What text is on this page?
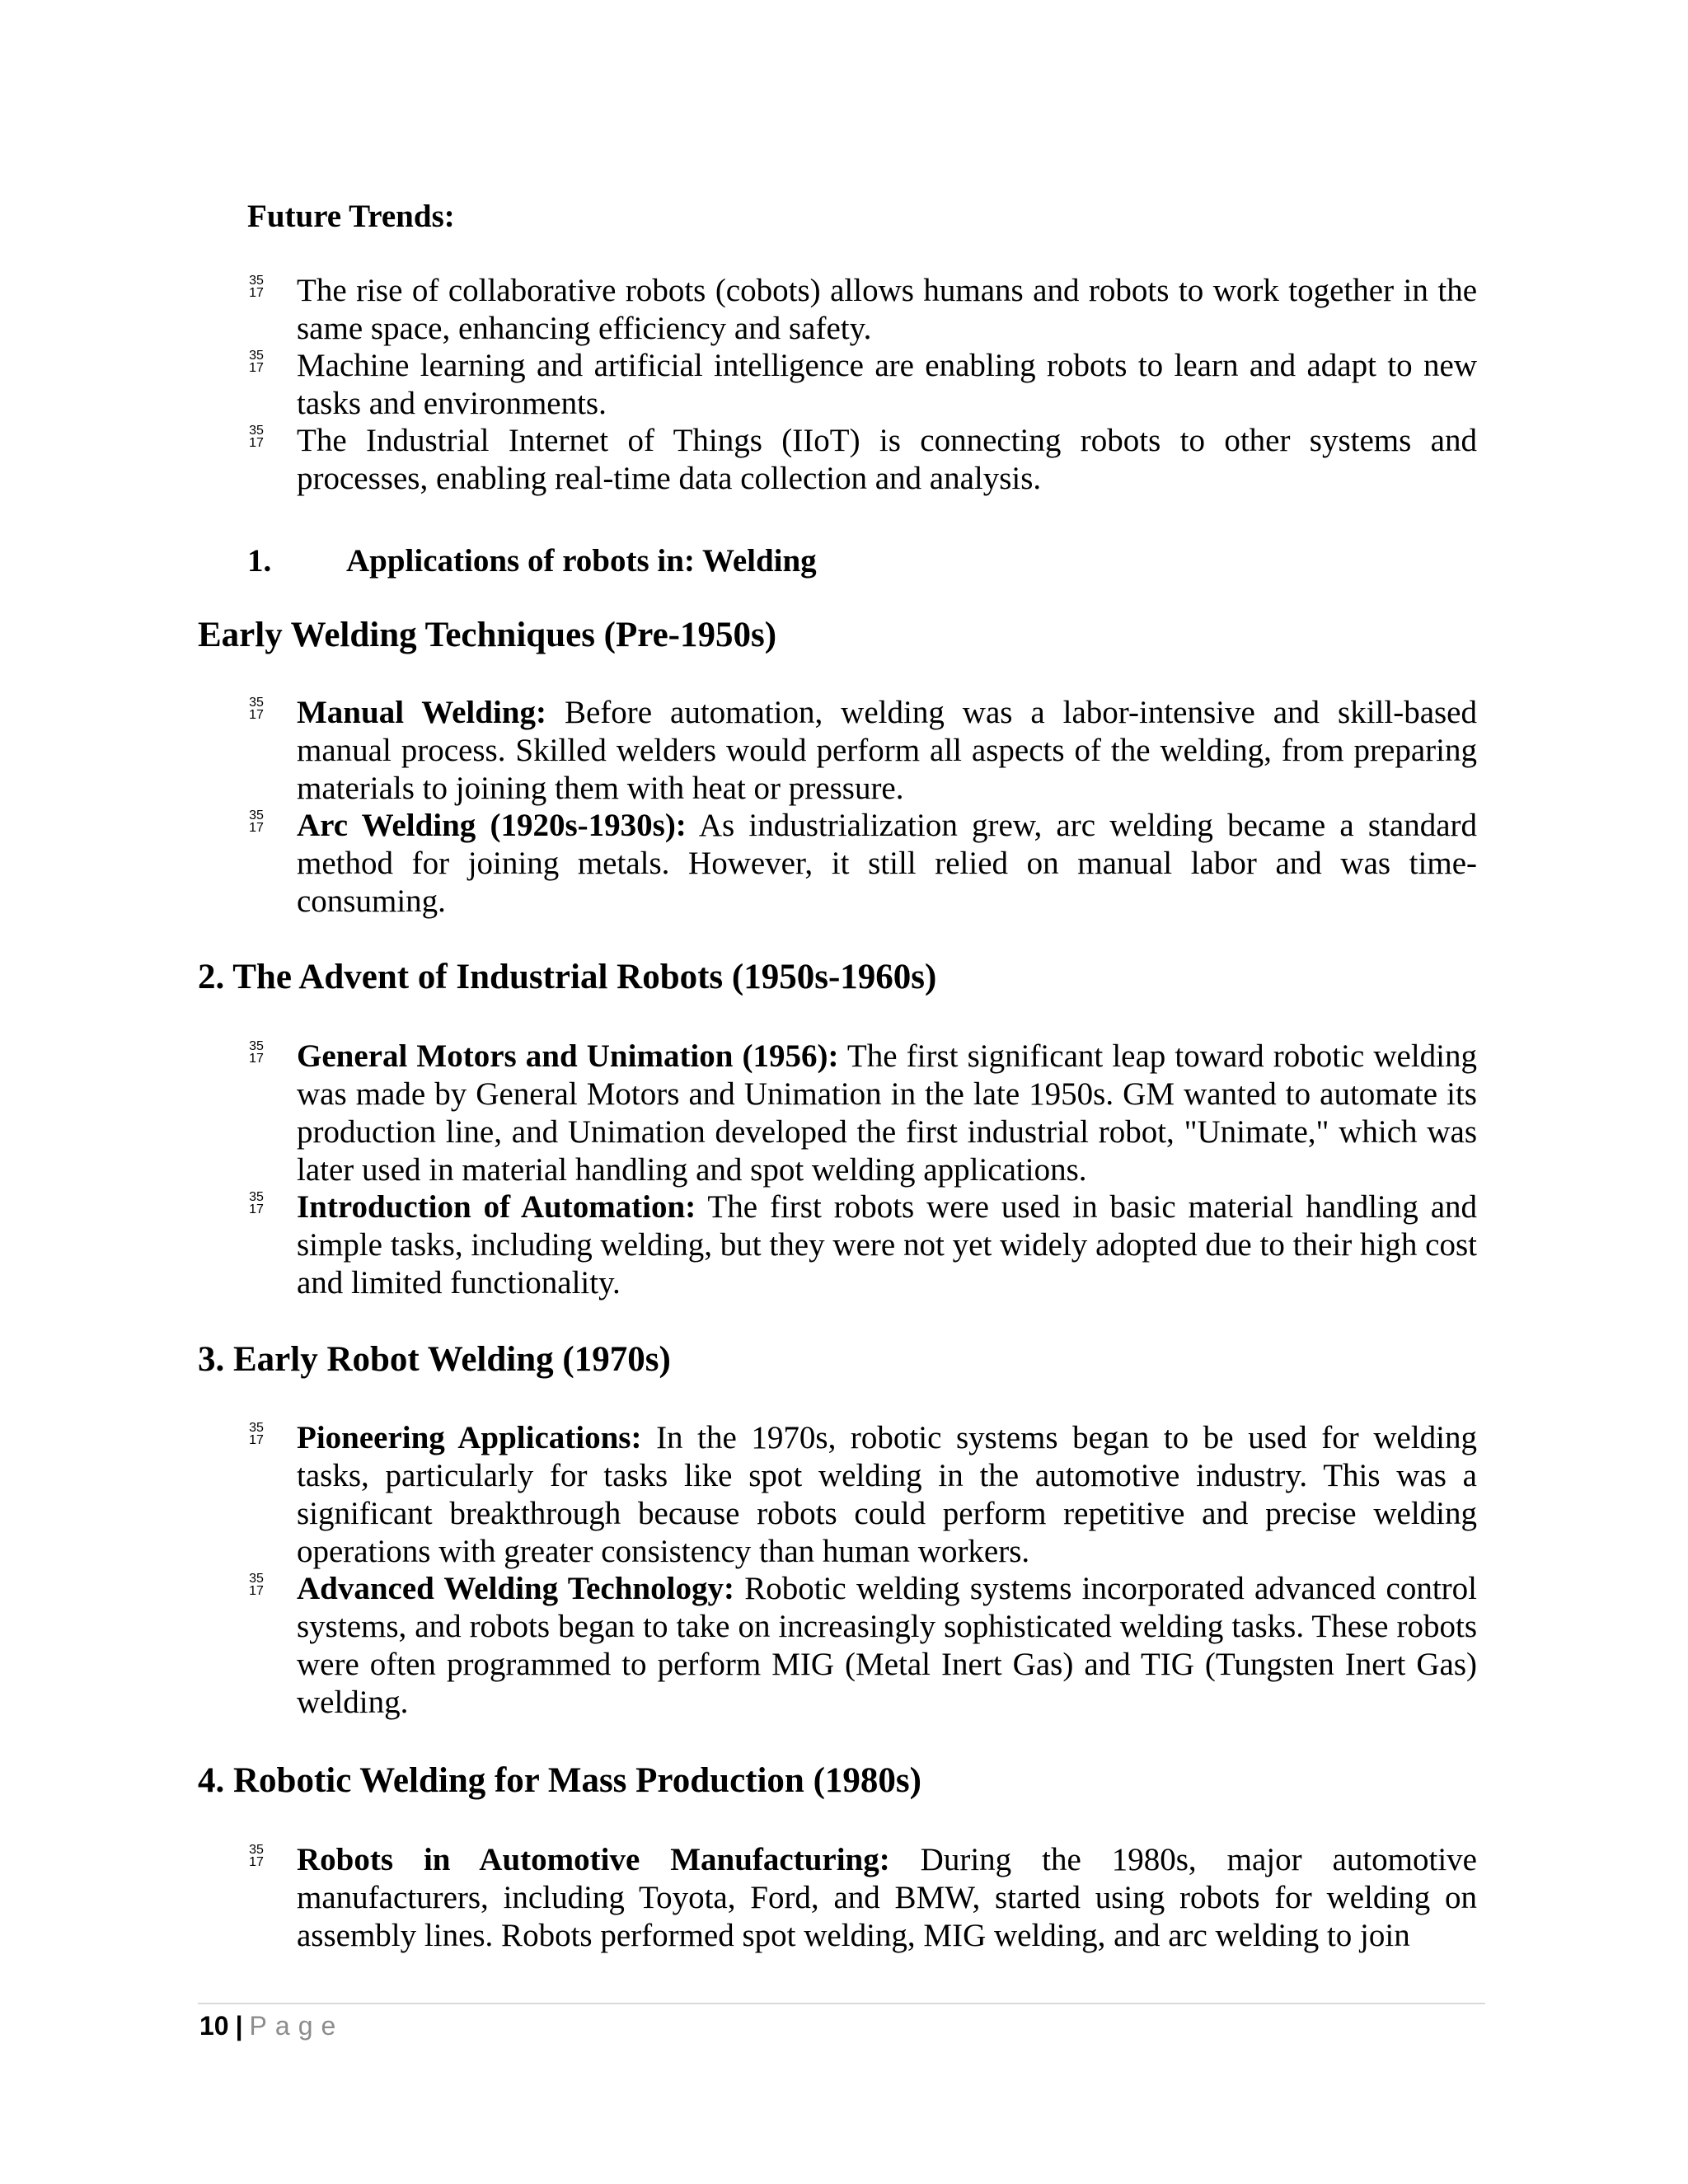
Future Trends:

35
17 The rise of collaborative robots (cobots) allows humans and robots to work together in the same space, enhancing efficiency and safety.

35
17 Machine learning and artificial intelligence are enabling robots to learn and adapt to new tasks and environments.

35
17 The Industrial Internet of Things (IIoT) is connecting robots to other systems and processes, enabling real-time data collection and analysis.

1. Applications of robots in: Welding

Early Welding Techniques (Pre-1950s)
35
17 Manual Welding: Before automation, welding was a labor-intensive and skill-based manual process. Skilled welders would perform all aspects of the welding, from preparing materials to joining them with heat or pressure.

35
17 Arc Welding (1920s-1930s): As industrialization grew, arc welding became a standard method for joining metals. However, it still relied on manual labor and was time-consuming.

2. The Advent of Industrial Robots (1950s-1960s)
35
17 General Motors and Unimation (1956): The first significant leap toward robotic welding was made by General Motors and Unimation in the late 1950s. GM wanted to automate its production line, and Unimation developed the first industrial robot, "Unimate," which was later used in material handling and spot welding applications.

35
17 Introduction of Automation: The first robots were used in basic material handling and simple tasks, including welding, but they were not yet widely adopted due to their high cost and limited functionality.

3. Early Robot Welding (1970s)
35
17 Pioneering Applications: In the 1970s, robotic systems began to be used for welding tasks, particularly for tasks like spot welding in the automotive industry. This was a significant breakthrough because robots could perform repetitive and precise welding operations with greater consistency than human workers.

35
17 Advanced Welding Technology: Robotic welding systems incorporated advanced control systems, and robots began to take on increasingly sophisticated welding tasks. These robots were often programmed to perform MIG (Metal Inert Gas) and TIG (Tungsten Inert Gas) welding.

4. Robotic Welding for Mass Production (1980s)
35
17 Robots in Automotive Manufacturing: During the 1980s, major automotive manufacturers, including Toyota, Ford, and BMW, started using robots for welding on assembly lines. Robots performed spot welding, MIG welding, and arc welding to join

10 | Page
